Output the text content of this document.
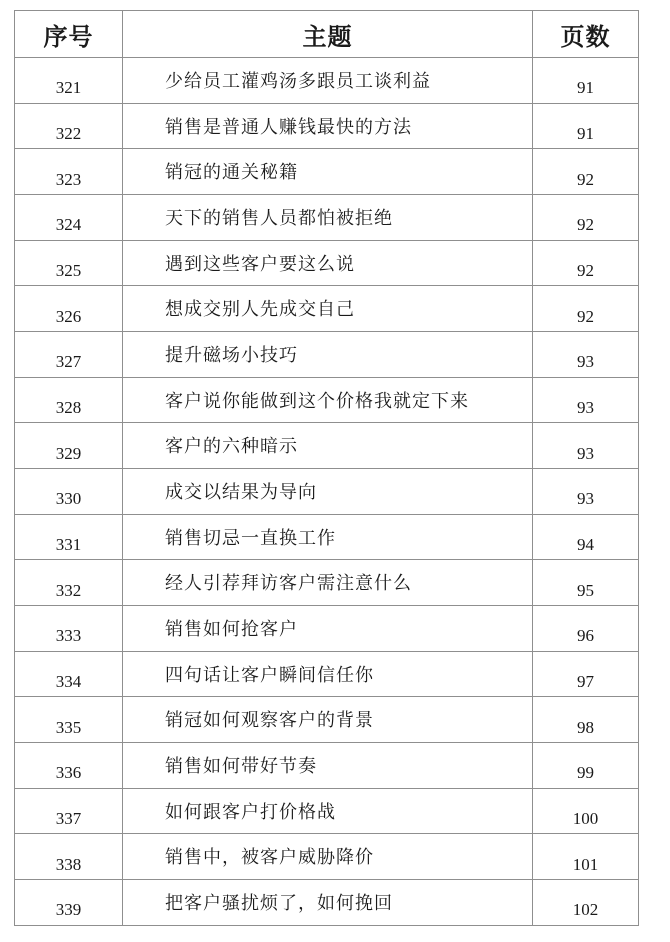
序号	主题	页数
321	少给员工灌鸡汤多跟员工谈利益	91
322	销售是普通人赚钱最快的方法	91
323	销冠的通关秘籍	92
324	天下的销售人员都怕被拒绝	92
325	遇到这些客户要这么说	92
326	想成交别人先成交自己	92
327	提升磁场小技巧	93
328	客户说你能做到这个价格我就定下来	93
329	客户的六种暗示	93
330	成交以结果为导向	93
331	销售切忌一直换工作	94
332	经人引荐拜访客户需注意什么	95
333	销售如何抢客户	96
334	四句话让客户瞬间信任你	97
335	销冠如何观察客户的背景	98
336	销售如何带好节奏	99
337	如何跟客户打价格战	100
338	销售中，被客户威胁降价	101
339	把客户骚扰烦了，如何挽回	102
